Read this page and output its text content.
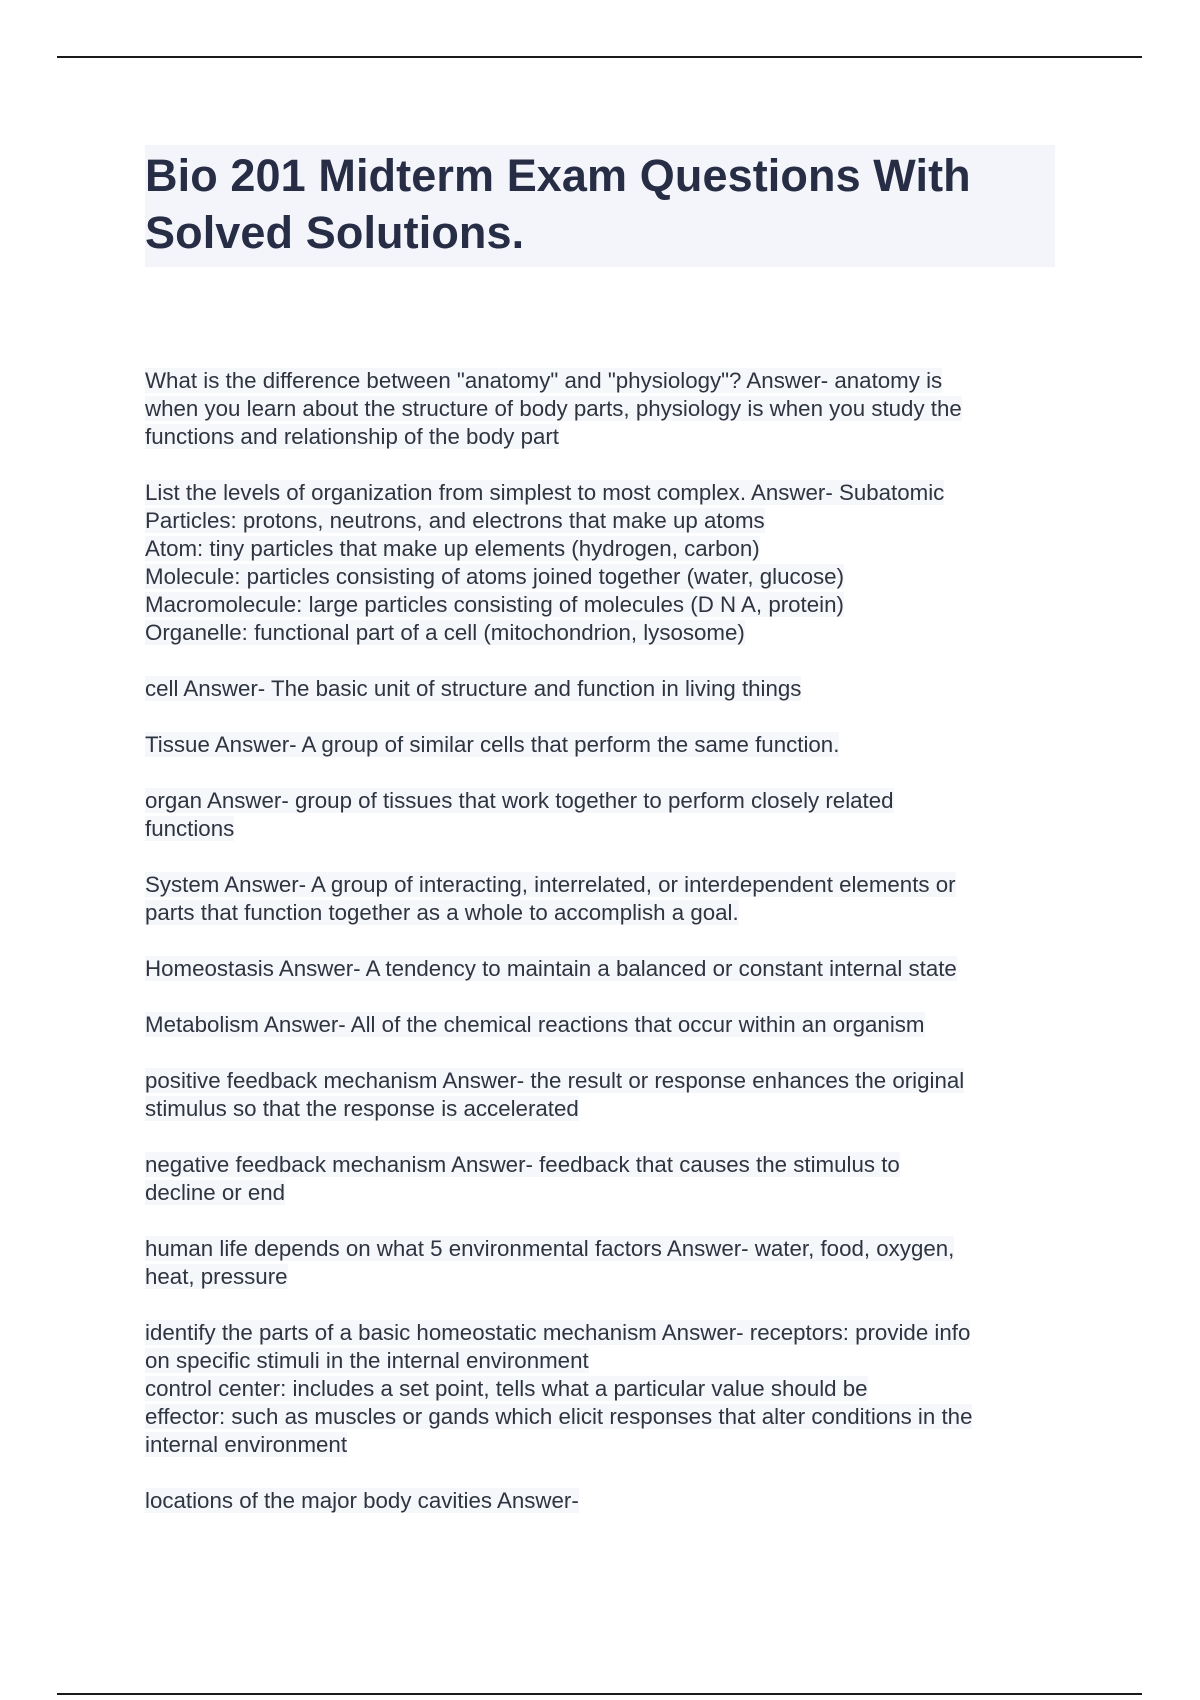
Bio 201 Midterm Exam Questions With Solved Solutions.
What is the difference between "anatomy" and "physiology"? Answer- anatomy is
when you learn about the structure of body parts, physiology is when you study the
functions and relationship of the body part
List the levels of organization from simplest to most complex. Answer- Subatomic
Particles: protons, neutrons, and electrons that make up atoms
Atom: tiny particles that make up elements (hydrogen, carbon)
Molecule: particles consisting of atoms joined together (water, glucose)
Macromolecule: large particles consisting of molecules (D N A, protein)
Organelle: functional part of a cell (mitochondrion, lysosome)
cell Answer- The basic unit of structure and function in living things
Tissue Answer- A group of similar cells that perform the same function.
organ Answer- group of tissues that work together to perform closely related
functions
System Answer- A group of interacting, interrelated, or interdependent elements or
parts that function together as a whole to accomplish a goal.
Homeostasis Answer- A tendency to maintain a balanced or constant internal state
Metabolism Answer- All of the chemical reactions that occur within an organism
positive feedback mechanism Answer- the result or response enhances the original
stimulus so that the response is accelerated
negative feedback mechanism Answer- feedback that causes the stimulus to
decline or end
human life depends on what 5 environmental factors Answer- water, food, oxygen,
heat, pressure
identify the parts of a basic homeostatic mechanism Answer- receptors: provide info
on specific stimuli in the internal environment
control center: includes a set point, tells what a particular value should be
effector: such as muscles or gands which elicit responses that alter conditions in the
internal environment
locations of the major body cavities Answer-
